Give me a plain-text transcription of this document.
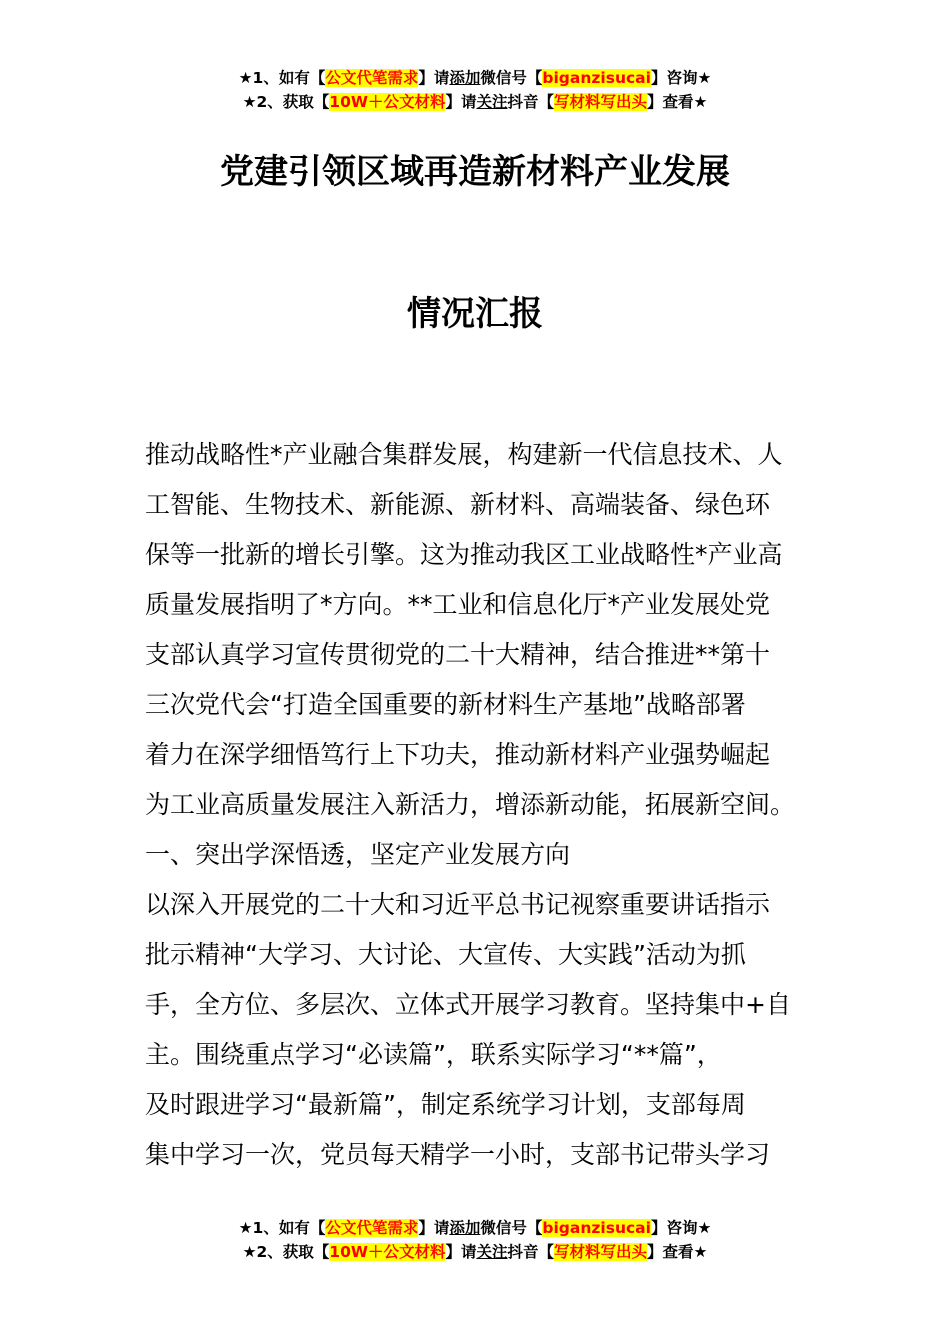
★1、如有【公文代笔需求】请添加微信号【biganzisucai】咨询★
★2、获取【10W＋公文材料】请关注抖音【写材料写出头】查看★
党建引领区域再造新材料产业发展
情况汇报
推动战略性*产业融合集群发展，构建新一代信息技术、人
工智能、生物技术、新能源、新材料、高端装备、绿色环
保等一批新的增长引擎。这为推动我区工业战略性*产业高
质量发展指明了*方向。**工业和信息化厅*产业发展处党
支部认真学习宣传贯彻党的二十大精神，结合推进**第十
三次党代会“打造全国重要的新材料生产基地”战略部署
着力在深学细悟笃行上下功夫，推动新材料产业强势崛起
为工业高质量发展注入新活力，增添新动能，拓展新空间。
一、突出学深悟透，坚定产业发展方向
以深入开展党的二十大和习近平总书记视察重要讲话指示
批示精神“大学习、大讨论、大宣传、大实践”活动为抓
手，全方位、多层次、立体式开展学习教育。坚持集中+自
主。围绕重点学习“必读篇”，联系实际学习“**篇”，
及时跟进学习“最新篇”，制定系统学习计划，支部每周
集中学习一次，党员每天精学一小时，支部书记带头学习
★1、如有【公文代笔需求】请添加微信号【biganzisucai】咨询★
★2、获取【10W＋公文材料】请关注抖音【写材料写出头】查看★
